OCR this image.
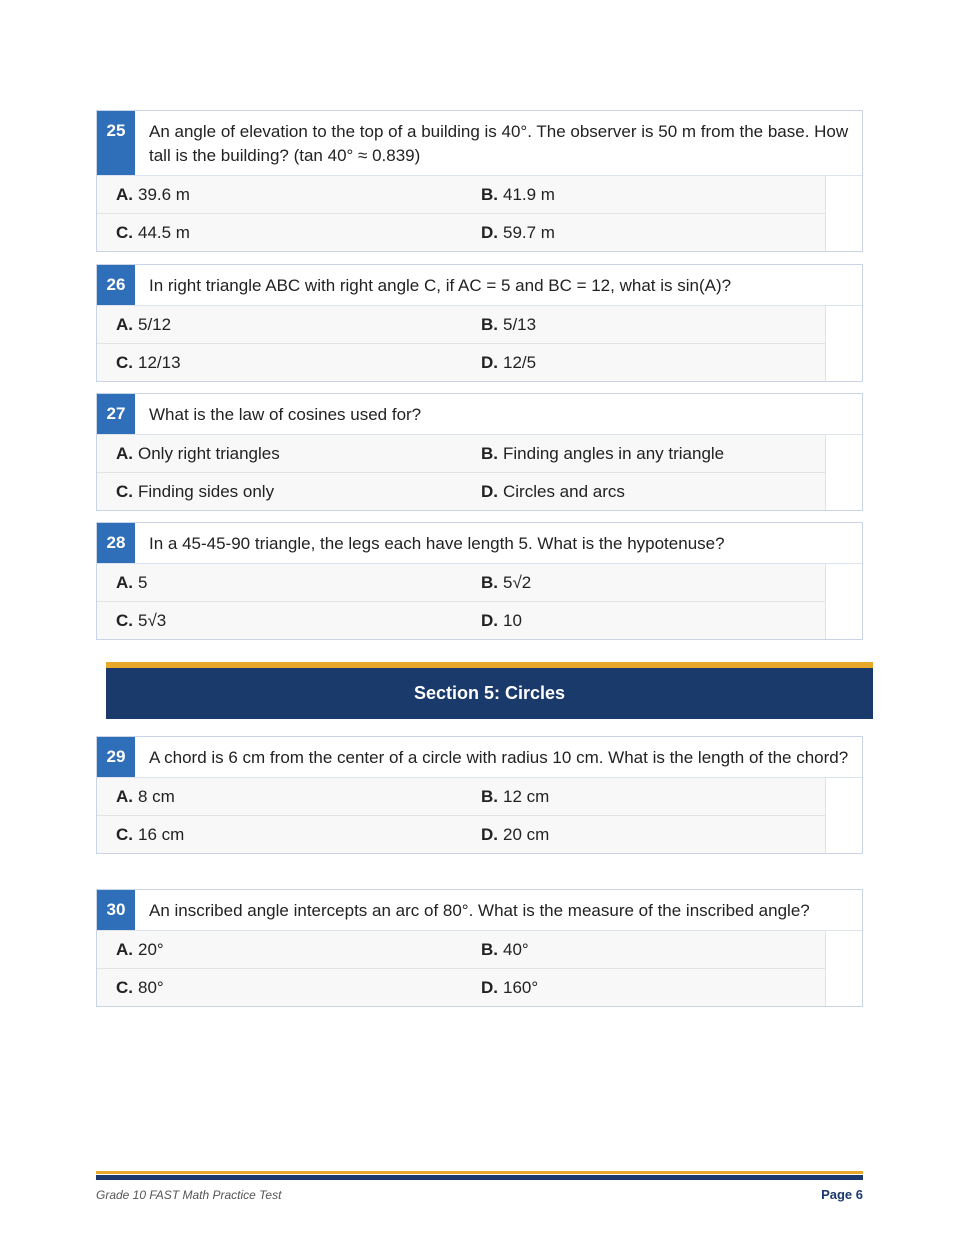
25	An angle of elevation to the top of a building is 40°. The observer is 50 m from the base. How tall is the building? (tan 40° ≈ 0.839)
A. 39.6 m	B. 41.9 m
C. 44.5 m	D. 59.7 m
26	In right triangle ABC with right angle C, if AC = 5 and BC = 12, what is sin(A)?
A. 5/12	B. 5/13
C. 12/13	D. 12/5
27	What is the law of cosines used for?
A. Only right triangles	B. Finding angles in any triangle
C. Finding sides only	D. Circles and arcs
28	In a 45-45-90 triangle, the legs each have length 5. What is the hypotenuse?
A. 5	B. 5√2
C. 5√3	D. 10
Section 5: Circles
29	A chord is 6 cm from the center of a circle with radius 10 cm. What is the length of the chord?
A. 8 cm	B. 12 cm
C. 16 cm	D. 20 cm
30	An inscribed angle intercepts an arc of 80°. What is the measure of the inscribed angle?
A. 20°	B. 40°
C. 80°	D. 160°
Grade 10 FAST Math Practice Test	Page 6
